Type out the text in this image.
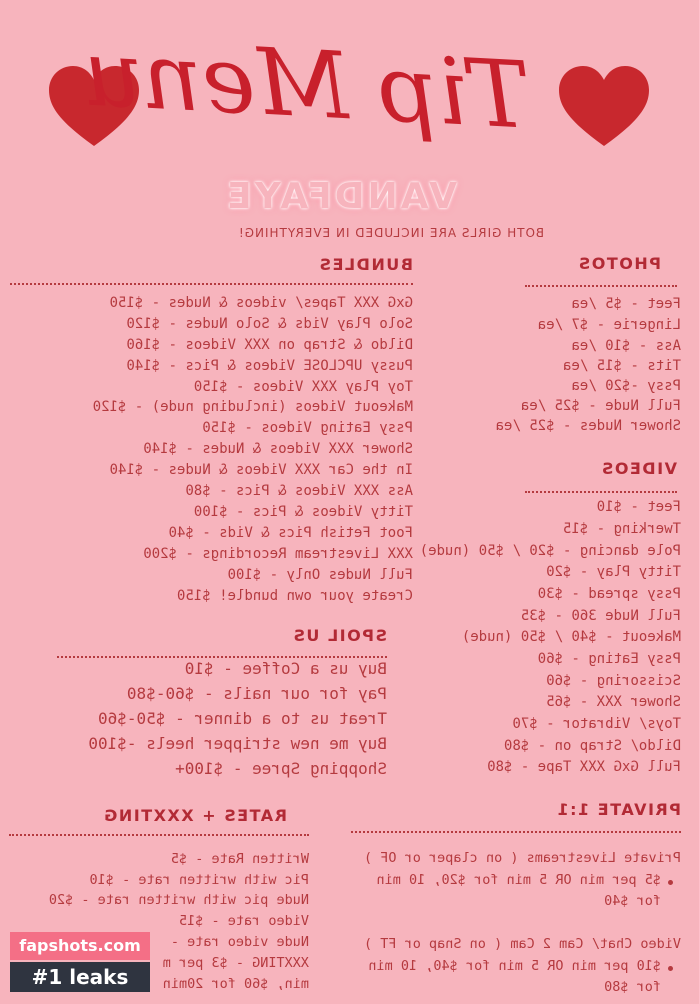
Tip Menu
VANDFAYE
BOTH GIRLS ARE INCLUDED IN EVERYTHING!
PHOTOS
Feet - $5 /ea
Lingerie - $7 /ea
Ass - $10 /ea
Tits - $15 /ea
Pssy -$20 /ea
Full Nude - $25 /ea
Shower Nudes - $25 /ea
VIDEOS
Feet - $10
Twerking - $15
Pole dancing - $20 / $50 (nude)
Titty Play - $20
Pssy spread - $30
Full Nude 360 - $35
Makeout - $40 / $50 (nude)
Pssy Eating - $60
Scissoring - $60
Shower XXX - $65
Toys/ Vibrator - $70
Dildo/ Strap on - $80
Full GxG XXX Tape - $80
PRIVATE 1:1
Private Livestreams ( on claper or OF )
$5 per min OR 5 min for $20, 10 min
for $40
Video Chat/ Cam 2 Cam ( on Snap or FT )
$10 per min OR 5 min for $40, 10 min
for $80
BUNDLES
GxG XXX Tapes/ videos & Nudes - $150
Solo Play Vids & Solo Nudes - $120
Dildo & Strap on XXX Videos - $160
Pussy UPCLOSE Videos & Pics - $140
Toy Play XXX Videos - $150
Makeout Videos (including nude) - $120
Pssy Eating Videos - $150
Shower XXX Videos & Nudes - $140
In the Car XXX Videos & Nudes - $140
Ass XXX Videos & Pics - $80
Titty Videos & Pics - $100
Foot Fetish Pics & Vids - $40
XXX Livestream Recordings - $200
Full Nudes Only - $100
Create your own bundle! $150
SPOIL US
Buy us a Coffee - $10
Pay for our nails - $60-$80
Treat us to a dinner - $50-$60
Buy me new stripper heels -$100
Shopping Spree - $100+
RATES + XXXTING
Written Rate - $5
Pic with written rate - $10
Nude pic with written rate - $20
Video rate - $15
Nude video rate -
XXXTING - $3 per m
min, $60 for 20min
fapshots.com
#1 leaks
